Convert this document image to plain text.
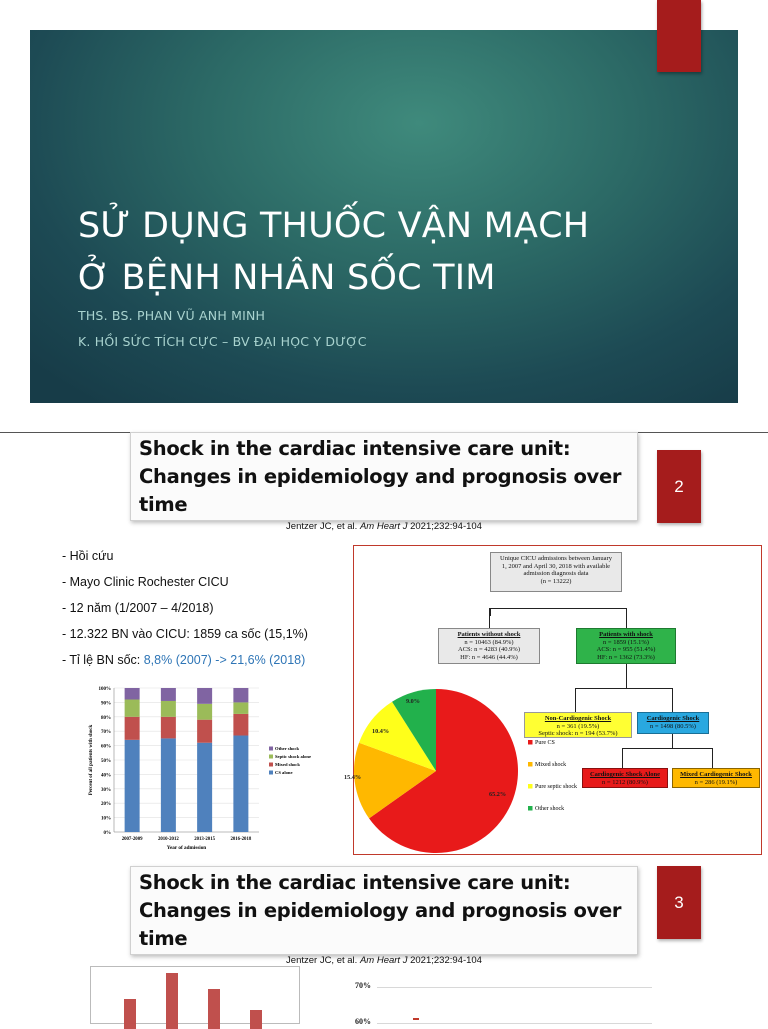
SỬ DỤNG THUỐC VẬN MẠCH
Ở BỆNH NHÂN SỐC TIM
THS. BS. PHAN VŨ ANH MINH
K. HỒI SỨC TÍCH CỰC – BV ĐẠI HỌC Y DƯỢC
Shock in the cardiac intensive care unit:
Changes in epidemiology and prognosis over
time
2
Jentzer JC, et al. Am Heart J 2021;232:94-104
- Hồi cứu
- Mayo Clinic Rochester CICU
- 12 năm (1/2007 – 4/2018)
- 12.322 BN vào CICU: 1859 ca sốc (15,1%)
- Tỉ lệ BN sốc: 8,8% (2007) -> 21,6% (2018)
0%
10%
20%
30%
40%
50%
60%
70%
80%
90%
100%
2007-2009	2010-2012	2013-2015	2016-2018
Year of admission
Percent of all patients with shock	Other shock
Septic shock alone
Mixed shock
CS alone
Unique CICU admissions between January
1, 2007 and April 30, 2018 with available
admission diagnosis data
(n = 13222)
Patients without shock
n = 10463 (84.9%)
ACS: n = 4283 (40.9%)
HF: n = 4646 (44.4%)
Patients with shock
n = 1859 (15.1%)
ACS: n = 955 (51.4%)
HF: n = 1362 (73.3%)
Non-Cardiogenic Shock
n = 361 (19.5%)
Septic shock: n = 194 (53.7%)
Cardiogenic Shock
n = 1498 (80.5%)
Cardiogenic Shock Alone
n = 1212 (80.9%)
Mixed Cardiogenic Shock
n = 286 (19.1%)
65.2%
15.4%
10.4%
9.0%
Pure CS
Mixed shock
Pure septic shock
Other shock
Shock in the cardiac intensive care unit:
Changes in epidemiology and prognosis over
time
3
Jentzer JC, et al. Am Heart J 2021;232:94-104
70%
60%
